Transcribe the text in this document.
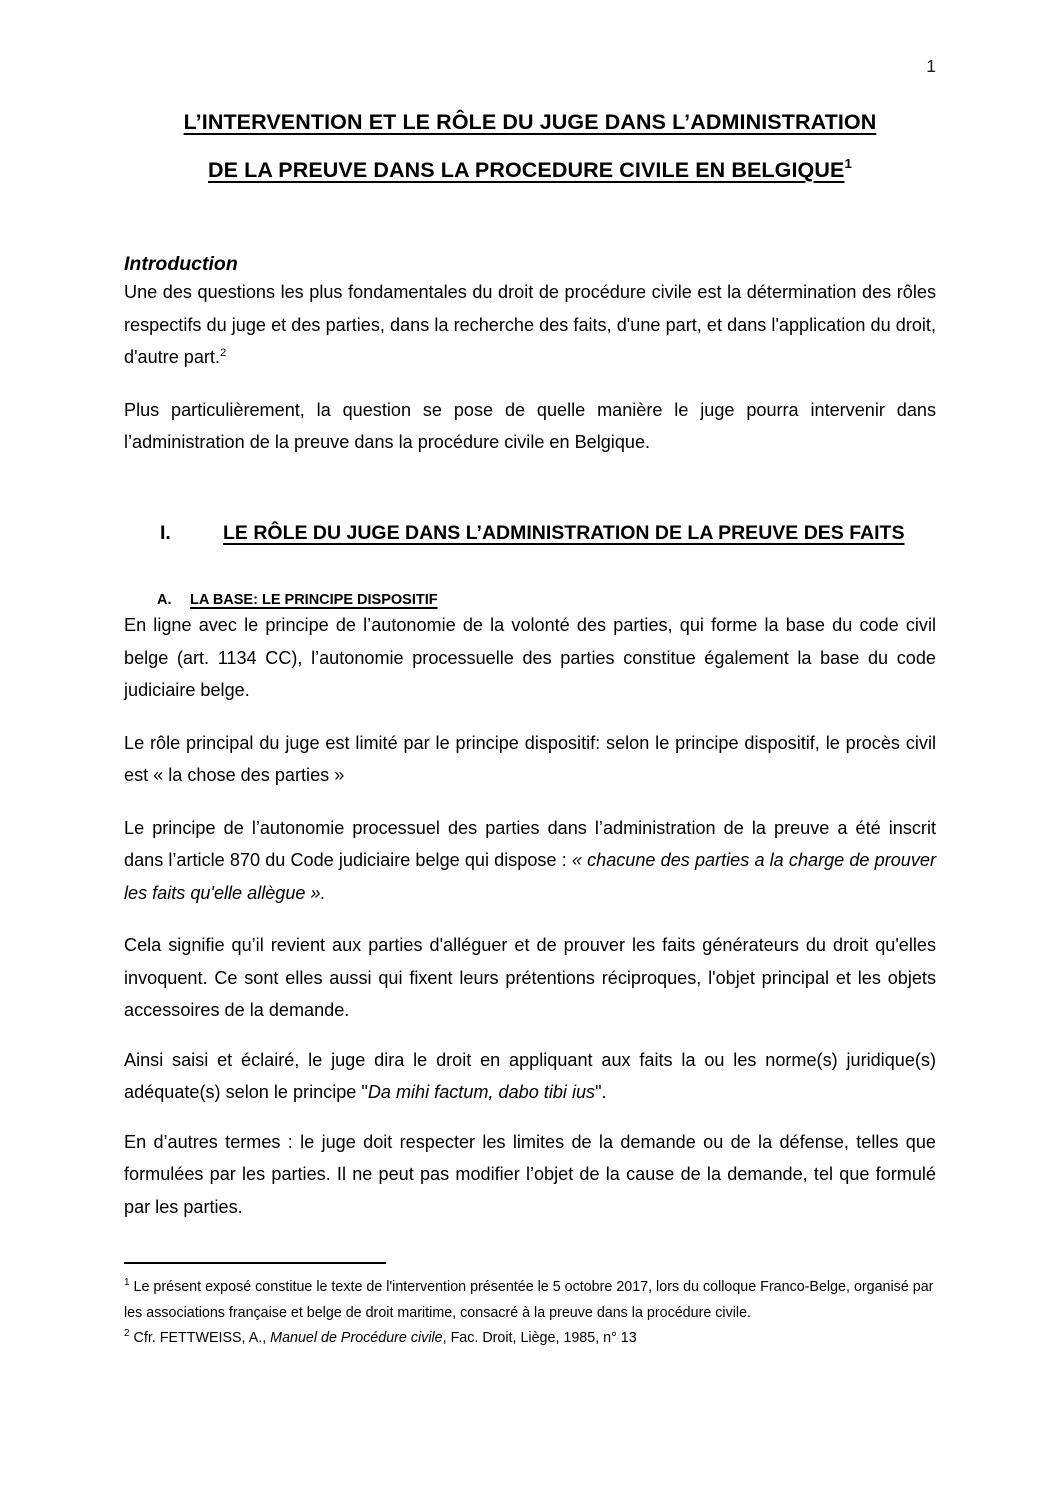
1
L’INTERVENTION ET LE RÔLE DU JUGE DANS L’ADMINISTRATION
DE LA PREUVE DANS LA PROCEDURE CIVILE EN BELGIQUE$^1$
Introduction

Une des questions les plus fondamentales du droit de procédure civile est la détermination des rôles respectifs du juge et des parties, dans la recherche des faits, d'une part, et dans l'application du droit, d'autre part.$^2$

Plus particulièrement, la question se pose de quelle manière le juge pourra intervenir dans l’administration de la preuve dans la procédure civile en Belgique.

I.	LE RÔLE DU JUGE DANS L’ADMINISTRATION DE LA PREUVE DES FAITS
A.	LA BASE: LE PRINCIPE DISPOSITIF

En ligne avec le principe de l’autonomie de la volonté des parties, qui forme la base du code civil belge (art. 1134 CC), l’autonomie processuelle des parties constitue également la base du code judiciaire belge.

Le rôle principal du juge est limité par le principe dispositif: selon le principe dispositif, le procès civil est « la chose des parties »

Le principe de l’autonomie processuel des parties dans l’administration de la preuve a été inscrit dans l’article 870 du Code judiciaire belge qui dispose : « chacune des parties a la charge de prouver les faits qu'elle allègue ».

Cela signifie qu’il revient aux parties d'alléguer et de prouver les faits générateurs du droit qu'elles invoquent. Ce sont elles aussi qui fixent leurs prétentions réciproques, l'objet principal et les objets accessoires de la demande.

Ainsi saisi et éclairé, le juge dira le droit en appliquant aux faits la ou les norme(s) juridique(s) adéquate(s) selon le principe "Da mihi factum, dabo tibi ius".

En d’autres termes : le juge doit respecter les limites de la demande ou de la défense, telles que formulées par les parties. Il ne peut pas modifier l’objet de la cause de la demande, tel que formulé par les parties.

$^1$ Le présent exposé constitue le texte de l'intervention présentée le 5 octobre 2017, lors du colloque Franco-Belge, organisé par les associations française et belge de droit maritime, consacré à la preuve dans la procédure civile.

$^2$ Cfr. FETTWEISS, A., Manuel de Procédure civile, Fac. Droit, Liège, 1985, n° 13
